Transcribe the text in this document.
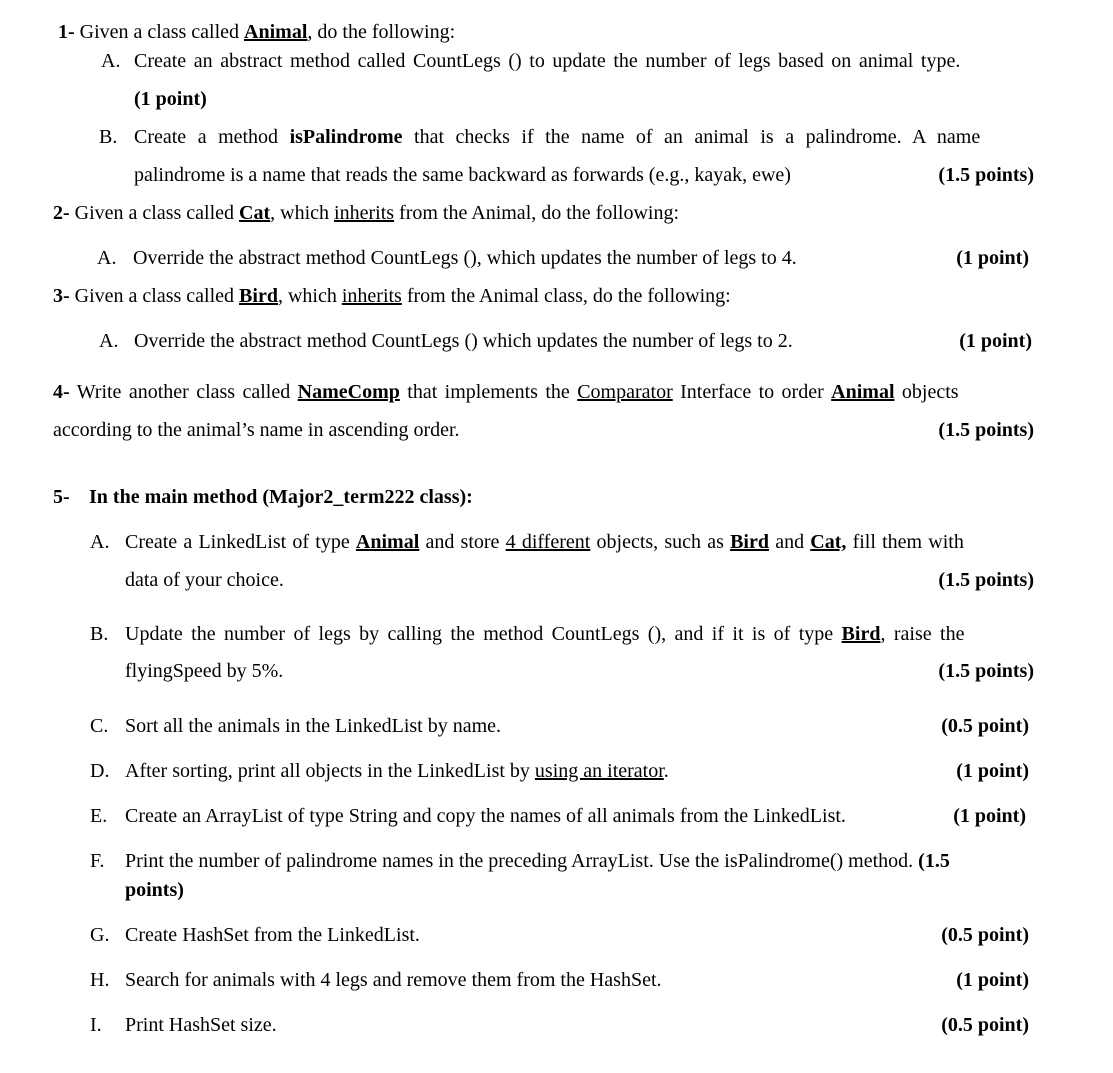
1- Given a class called Animal, do the following:
A. Create an abstract method called CountLegs () to update the number of legs based on animal type.
(1 point)
B. Create a method isPalindrome that checks if the name of an animal is a palindrome. A name
palindrome is a name that reads the same backward as forwards (e.g., kayak, ewe)	(1.5 points)
2- Given a class called Cat, which inherits from the Animal, do the following:
A. Override the abstract method CountLegs (), which updates the number of legs to 4.	(1 point)
3- Given a class called Bird, which inherits from the Animal class, do the following:
A. Override the abstract method CountLegs () which updates the number of legs to 2.	(1 point)
4- Write another class called NameComp that implements the Comparator Interface to order Animal objects
according to the animal’s name in ascending order.	(1.5 points)
5- In the main method (Major2_term222 class):
A. Create a LinkedList of type Animal and store 4 different objects, such as Bird and Cat, fill them with
data of your choice.	(1.5 points)
B. Update the number of legs by calling the method CountLegs (), and if it is of type Bird, raise the
flyingSpeed by 5%.	(1.5 points)
C. Sort all the animals in the LinkedList by name.	(0.5 point)
D. After sorting, print all objects in the LinkedList by using an iterator.	(1 point)
E. Create an ArrayList of type String and copy the names of all animals from the LinkedList.	(1 point)
F. Print the number of palindrome names in the preceding ArrayList. Use the isPalindrome() method. (1.5
points)
G. Create HashSet from the LinkedList.	(0.5 point)
H. Search for animals with 4 legs and remove them from the HashSet.	(1 point)
I. Print HashSet size.	(0.5 point)
